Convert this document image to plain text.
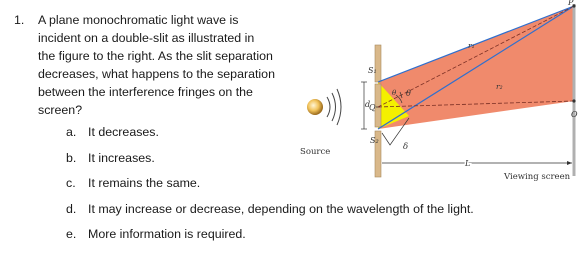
1. A plane monochromatic light wave is
incident on a double-slit as illustrated in
the figure to the right. As the slit separation
decreases, what happens to the separation
between the interference fringes on the
screen?
a. It decreases.
b. It increases.
c. It remains the same.
d. It may increase or decrease, depending on the wavelength of the light.
e. More information is required.
Source
d
Q
S₁
S₂
θ θ
δ
r₁
r₂
P
O
L
Viewing screen
